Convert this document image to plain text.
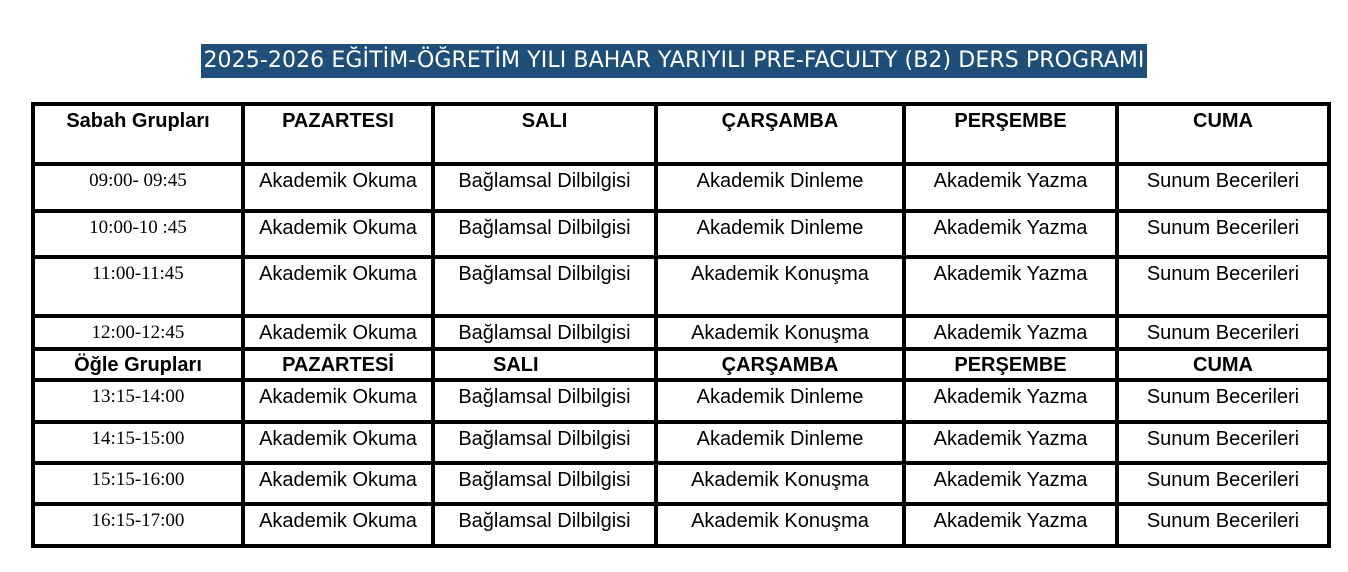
2025-2026 EĞİTİM-ÖĞRETİM YILI BAHAR YARIYILI PRE-FACULTY (B2) DERS PROGRAMI
Sabah Grupları	PAZARTESI	SALI	ÇARŞAMBA	PERŞEMBE	CUMA
09:00- 09:45	Akademik Okuma	Bağlamsal Dilbilgisi	Akademik Dinleme	Akademik Yazma	Sunum Becerileri
10:00-10 :45	Akademik Okuma	Bağlamsal Dilbilgisi	Akademik Dinleme	Akademik Yazma	Sunum Becerileri
11:00-11:45	Akademik Okuma	Bağlamsal Dilbilgisi	Akademik Konuşma	Akademik Yazma	Sunum Becerileri
12:00-12:45	Akademik Okuma	Bağlamsal Dilbilgisi	Akademik Konuşma	Akademik Yazma	Sunum Becerileri
Öğle Grupları	PAZARTESİ	SALI	ÇARŞAMBA	PERŞEMBE	CUMA
13:15-14:00	Akademik Okuma	Bağlamsal Dilbilgisi	Akademik Dinleme	Akademik Yazma	Sunum Becerileri
14:15-15:00	Akademik Okuma	Bağlamsal Dilbilgisi	Akademik Dinleme	Akademik Yazma	Sunum Becerileri
15:15-16:00	Akademik Okuma	Bağlamsal Dilbilgisi	Akademik Konuşma	Akademik Yazma	Sunum Becerileri
16:15-17:00	Akademik Okuma	Bağlamsal Dilbilgisi	Akademik Konuşma	Akademik Yazma	Sunum Becerileri
